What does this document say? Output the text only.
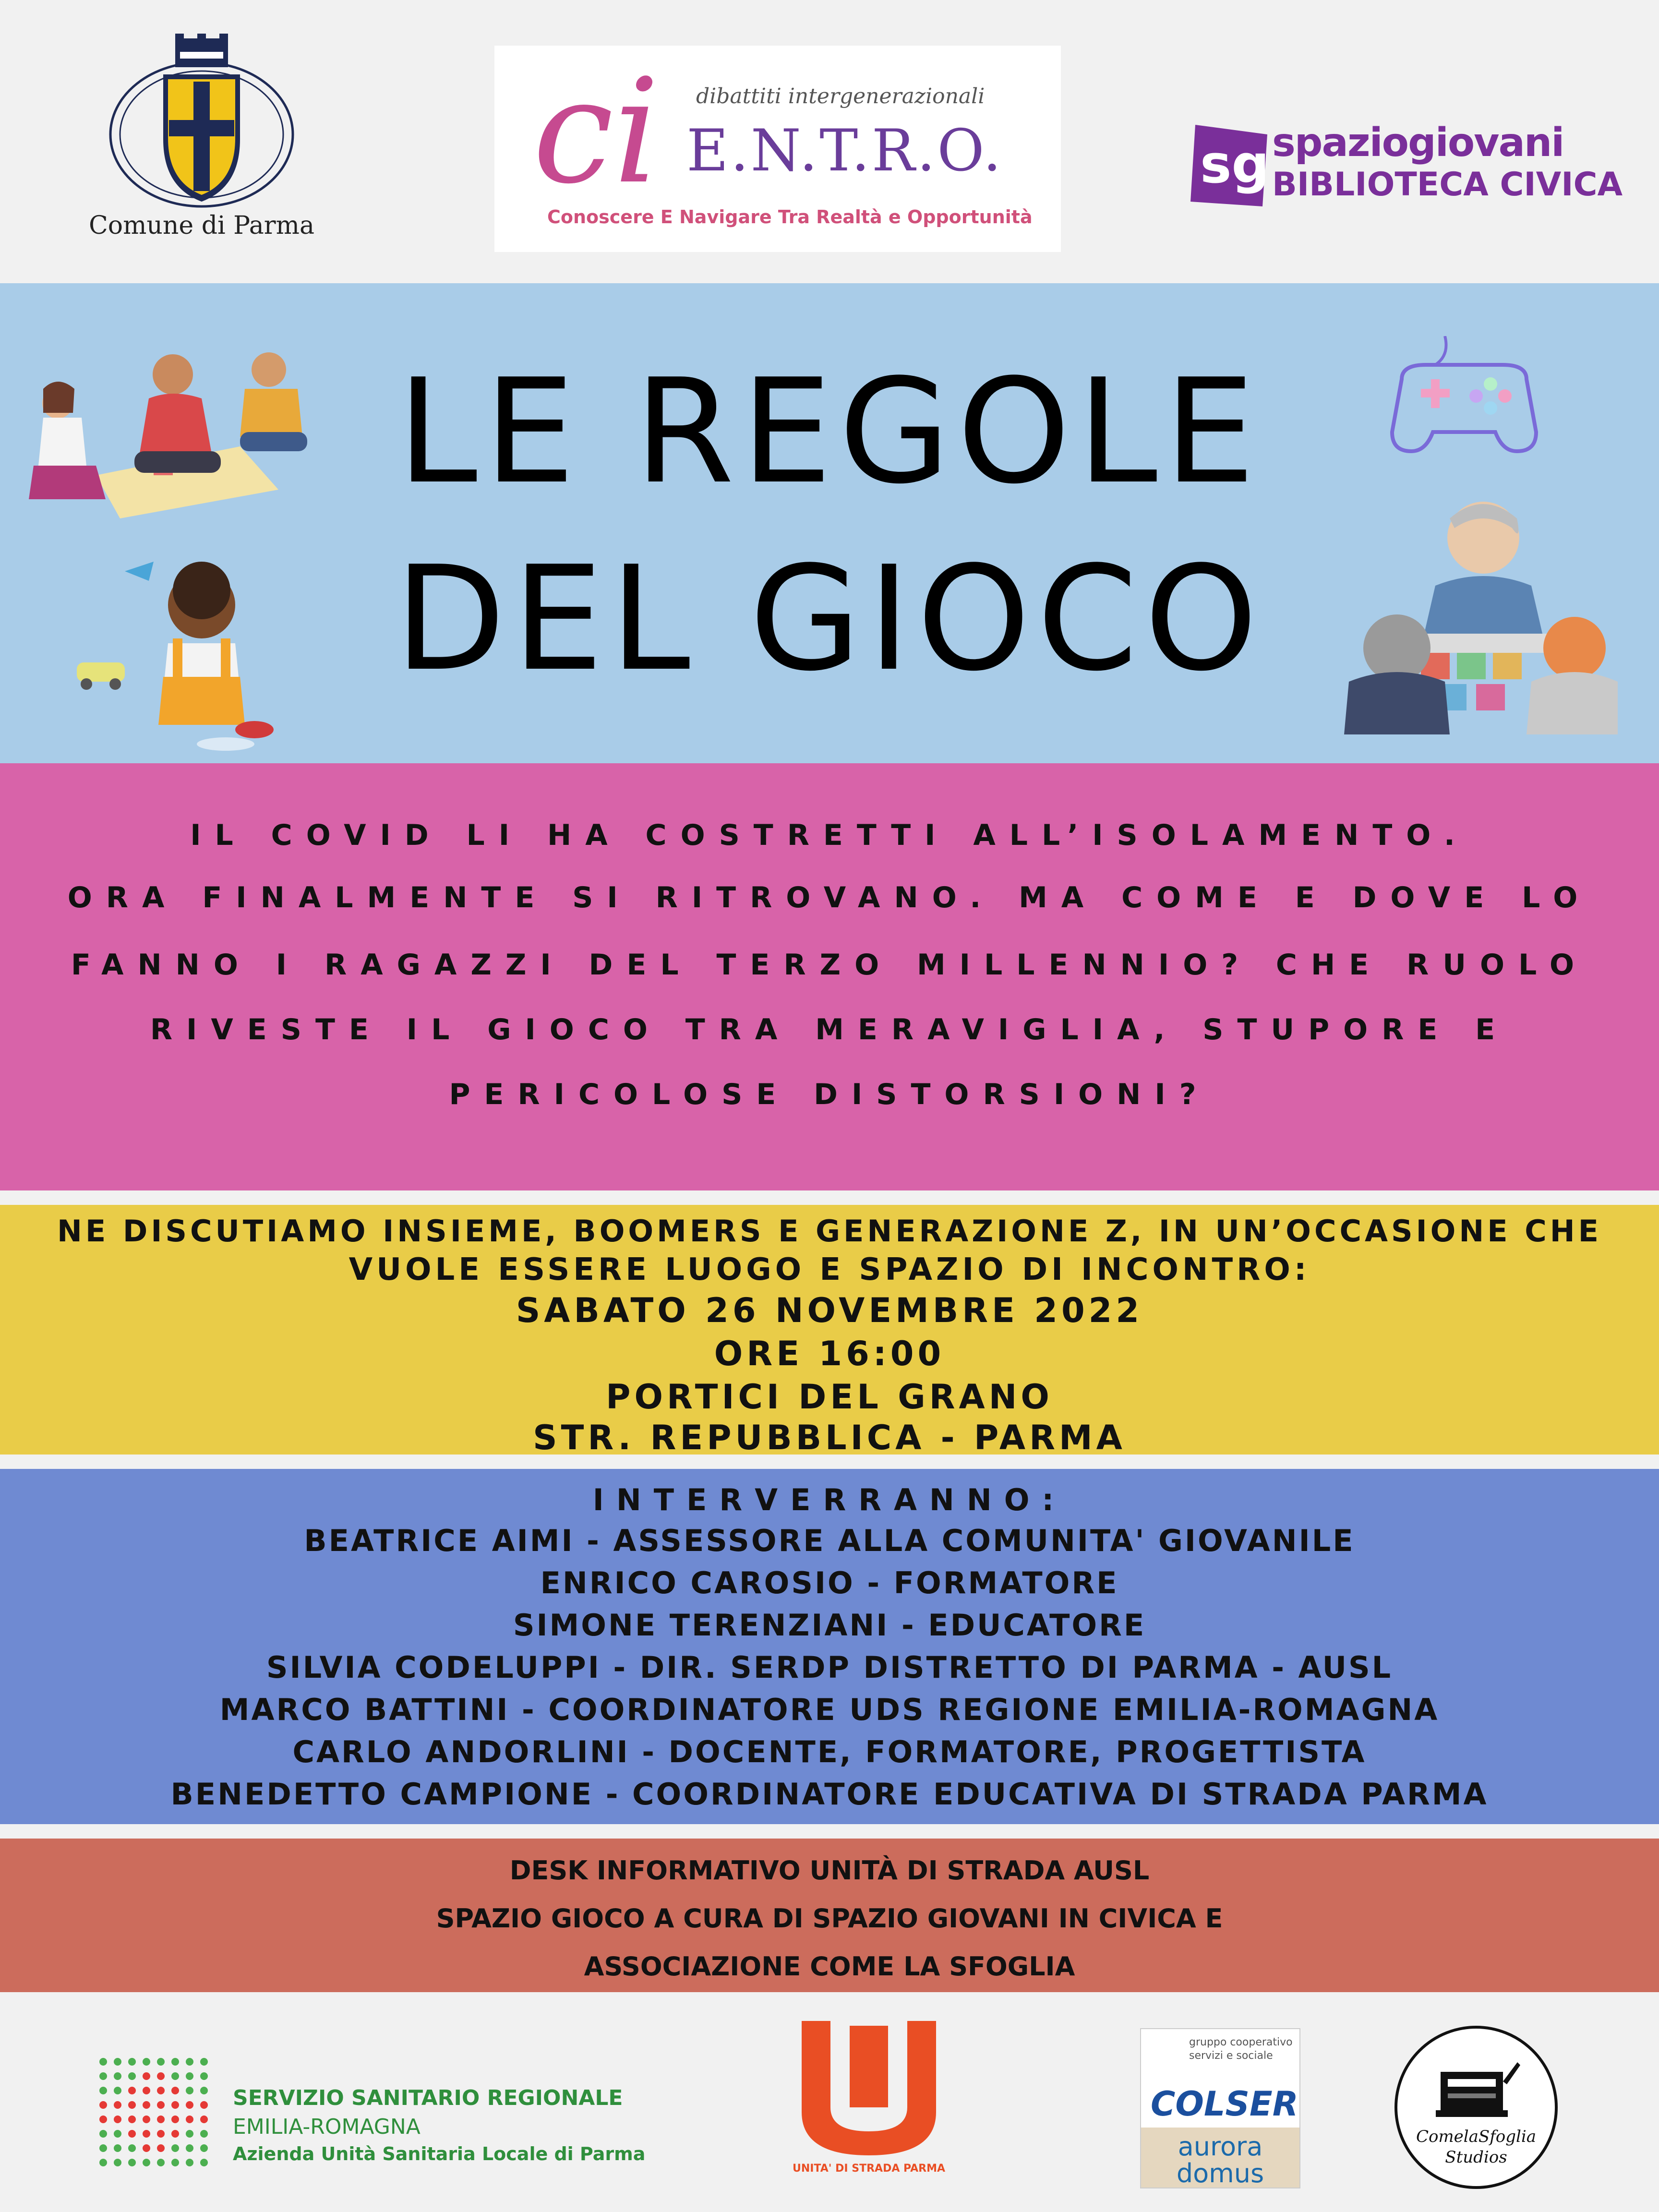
Comune di Parma
ci dibattiti intergenerazionali
E.N.T.R.O.
Conoscere E Navigare Tra Realtà e Opportunità
sg spaziogiovani
BIBLIOTECA CIVICA
LE REGOLE
DEL GIOCO
IL COVID LI HA COSTRETTI ALL’ISOLAMENTO.
ORA FINALMENTE SI RITROVANO. MA COME E DOVE LO
FANNO I RAGAZZI DEL TERZO MILLENNIO? CHE RUOLO
RIVESTE IL GIOCO TRA MERAVIGLIA, STUPORE E
PERICOLOSE DISTORSIONI?
NE DISCUTIAMO INSIEME, BOOMERS E GENERAZIONE Z, IN UN’OCCASIONE CHE
VUOLE ESSERE LUOGO E SPAZIO DI INCONTRO:
SABATO 26 NOVEMBRE 2022
ORE 16:00
PORTICI DEL GRANO
STR. REPUBBLICA - PARMA
INTERVERRANNO:
BEATRICE AIMI - ASSESSORE ALLA COMUNITA' GIOVANILE
ENRICO CAROSIO - FORMATORE
SIMONE TERENZIANI - EDUCATORE
SILVIA CODELUPPI - DIR. SERDP DISTRETTO DI PARMA - AUSL
MARCO BATTINI - COORDINATORE UDS REGIONE EMILIA-ROMAGNA
CARLO ANDORLINI - DOCENTE, FORMATORE, PROGETTISTA
BENEDETTO CAMPIONE - COORDINATORE EDUCATIVA DI STRADA PARMA
DESK INFORMATIVO UNITÀ DI STRADA AUSL
SPAZIO GIOCO A CURA DI SPAZIO GIOVANI IN CIVICA E
ASSOCIAZIONE COME LA SFOGLIA
SERVIZIO SANITARIO REGIONALE
EMILIA-ROMAGNA
Azienda Unità Sanitaria Locale di Parma
UNITA' DI STRADA PARMA
gruppo cooperativo servizi e sociale
COLSER
aurora
domus
ComelaSfoglia
Studios
